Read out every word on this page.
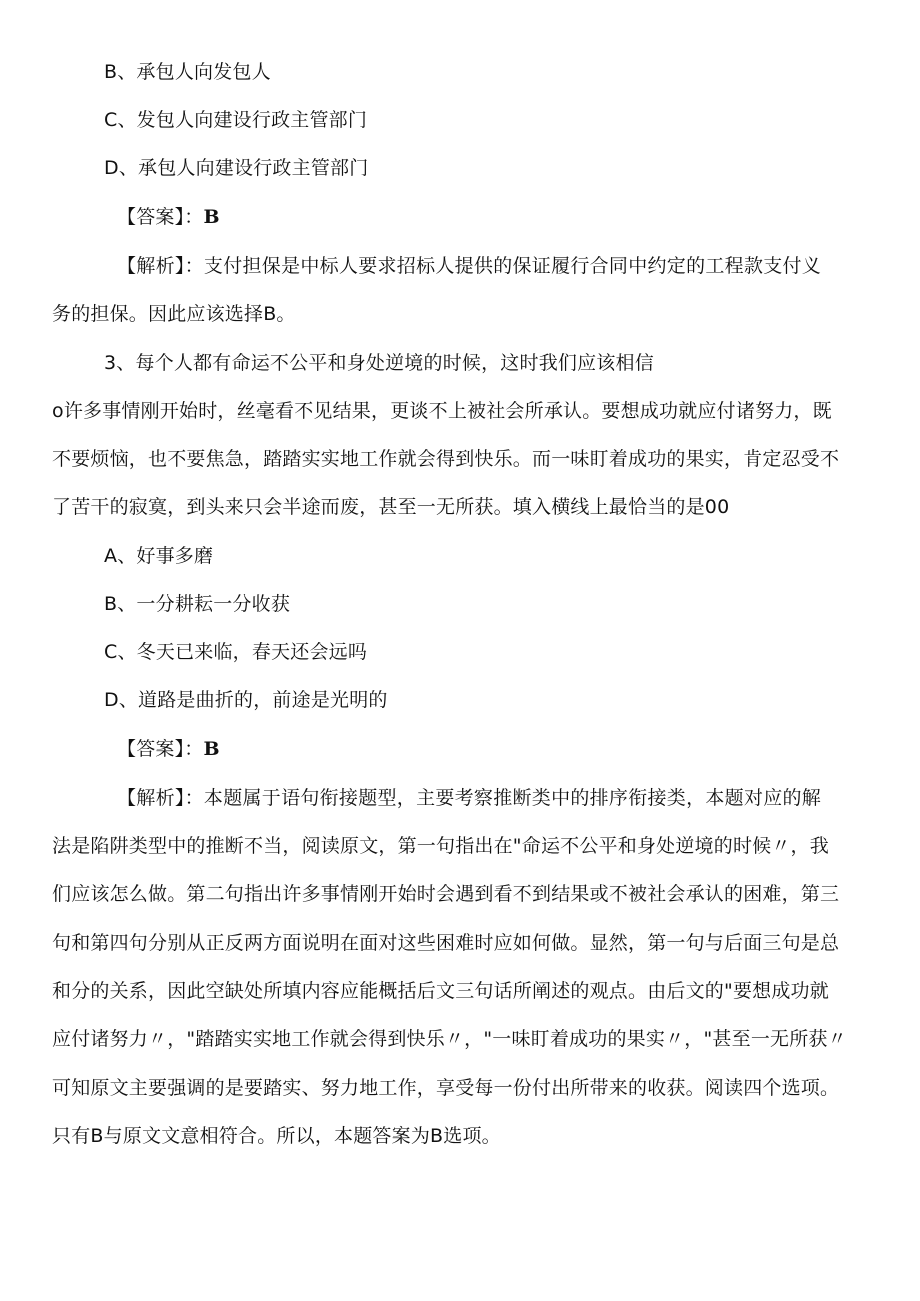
B、承包人向发包人
C、发包人向建设行政主管部门
D、承包人向建设行政主管部门
【答案】：B
【解析】：支付担保是中标人要求招标人提供的保证履行合同中约定的工程款支付义
务的担保。因此应该选择B。
3、每个人都有命运不公平和身处逆境的时候，这时我们应该相信
o许多事情刚开始时，丝毫看不见结果，更谈不上被社会所承认。要想成功就应付诸努力，既
不要烦恼，也不要焦急，踏踏实实地工作就会得到快乐。而一味盯着成功的果实，肯定忍受不
了苦干的寂寞，到头来只会半途而废，甚至一无所获。填入横线上最恰当的是00
A、好事多磨
B、一分耕耘一分收获
C、冬天已来临，春天还会远吗
D、道路是曲折的，前途是光明的
【答案】：B
【解析】：本题属于语句衔接题型，主要考察推断类中的排序衔接类，本题对应的解
法是陷阱类型中的推断不当，阅读原文，第一句指出在"命运不公平和身处逆境的时候〃，我
们应该怎么做。第二句指出许多事情刚开始时会遇到看不到结果或不被社会承认的困难，第三
句和第四句分别从正反两方面说明在面对这些困难时应如何做。显然，第一句与后面三句是总
和分的关系，因此空缺处所填内容应能概括后文三句话所阐述的观点。由后文的"要想成功就
应付诸努力〃，"踏踏实实地工作就会得到快乐〃，"一味盯着成功的果实〃，"甚至一无所获〃
可知原文主要强调的是要踏实、努力地工作，享受每一份付出所带来的收获。阅读四个选项。
只有B与原文文意相符合。所以，本题答案为B选项。
